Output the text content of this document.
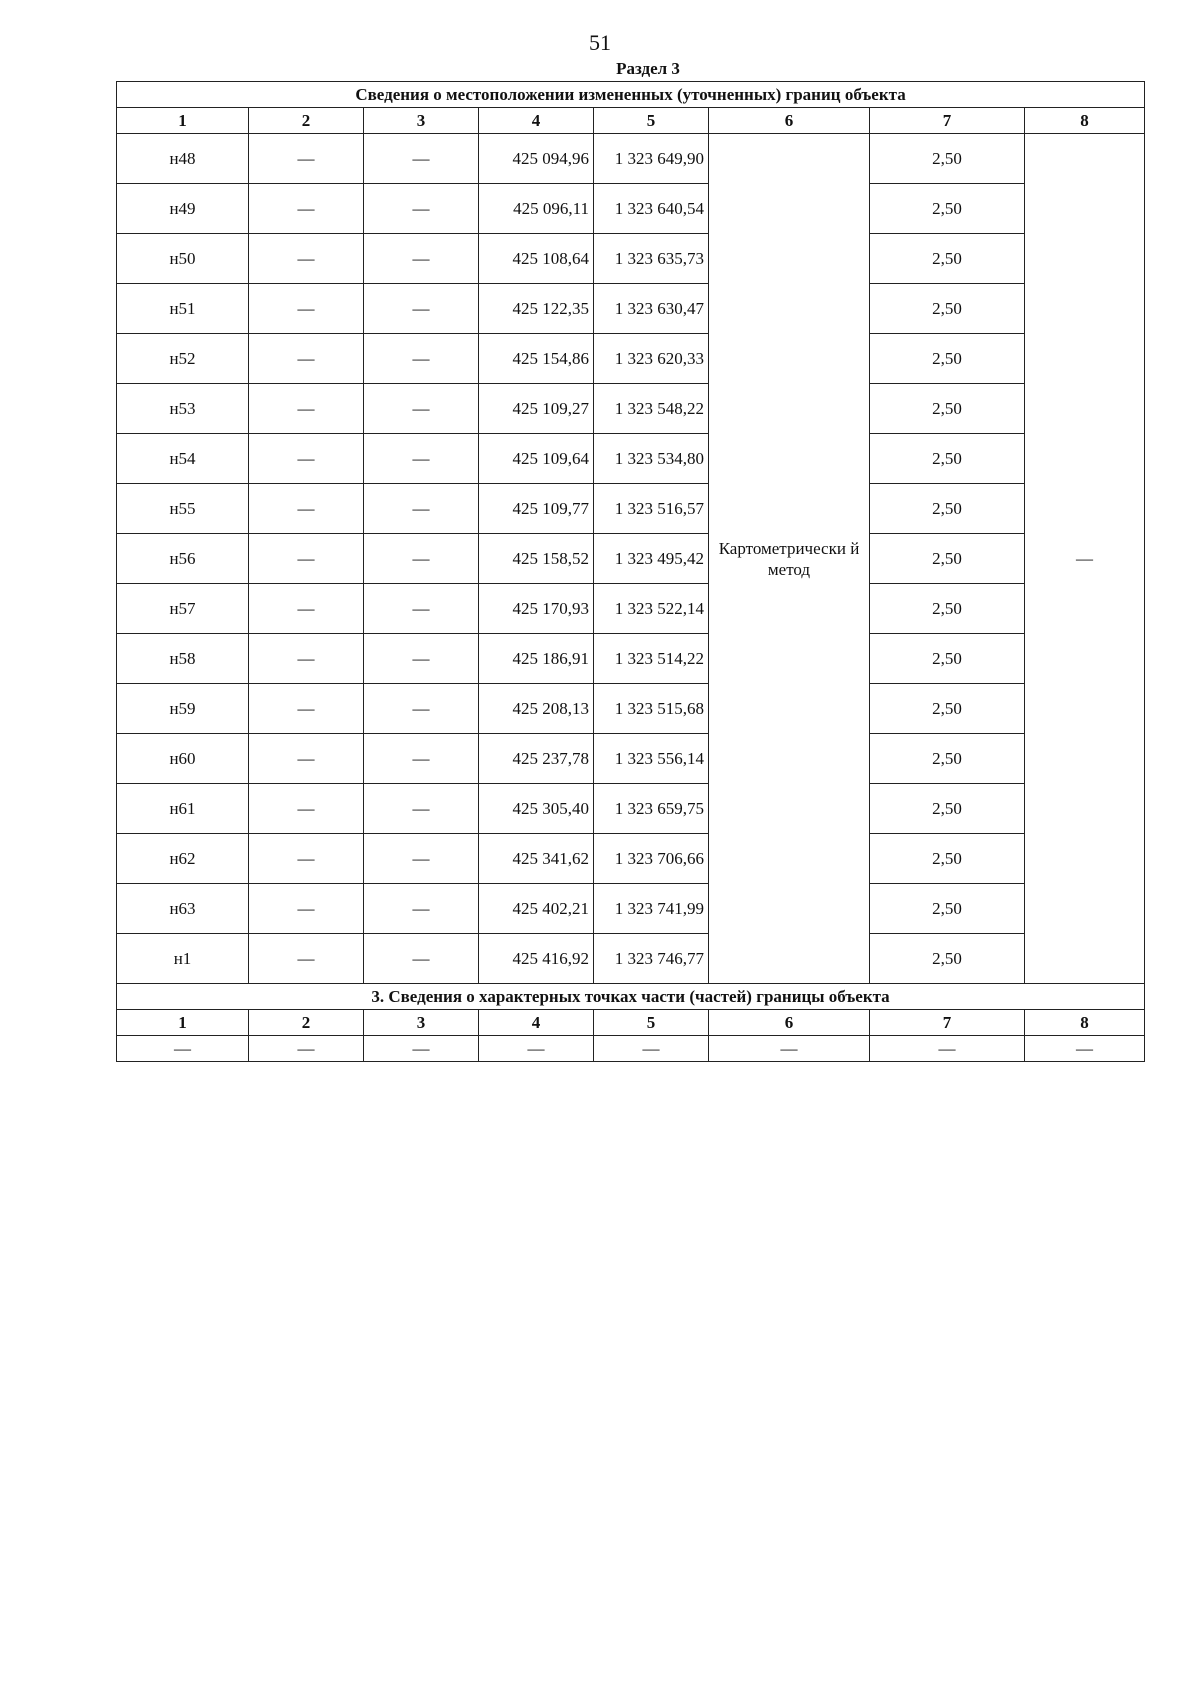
51
Раздел 3
Сведения о местоположении измененных (уточненных) границ объекта							
1	2	3	4	5	6	7	8
н48	—	—	425 094,96	1 323 649,90	Картометрически й метод	2,50	—
н49	—	—	425 096,11	1 323 640,54		2,50	
н50	—	—	425 108,64	1 323 635,73		2,50	
н51	—	—	425 122,35	1 323 630,47		2,50	
н52	—	—	425 154,86	1 323 620,33		2,50	
н53	—	—	425 109,27	1 323 548,22		2,50	
н54	—	—	425 109,64	1 323 534,80		2,50	
н55	—	—	425 109,77	1 323 516,57		2,50	
н56	—	—	425 158,52	1 323 495,42		2,50	
н57	—	—	425 170,93	1 323 522,14		2,50	
н58	—	—	425 186,91	1 323 514,22		2,50	
н59	—	—	425 208,13	1 323 515,68		2,50	
н60	—	—	425 237,78	1 323 556,14		2,50	
н61	—	—	425 305,40	1 323 659,75		2,50	
н62	—	—	425 341,62	1 323 706,66		2,50	
н63	—	—	425 402,21	1 323 741,99		2,50	
н1	—	—	425 416,92	1 323 746,77		2,50	
3. Сведения о характерных точках части (частей) границы объекта							
1	2	3	4	5	6	7	8
—	—	—	—	—	—	—	—
